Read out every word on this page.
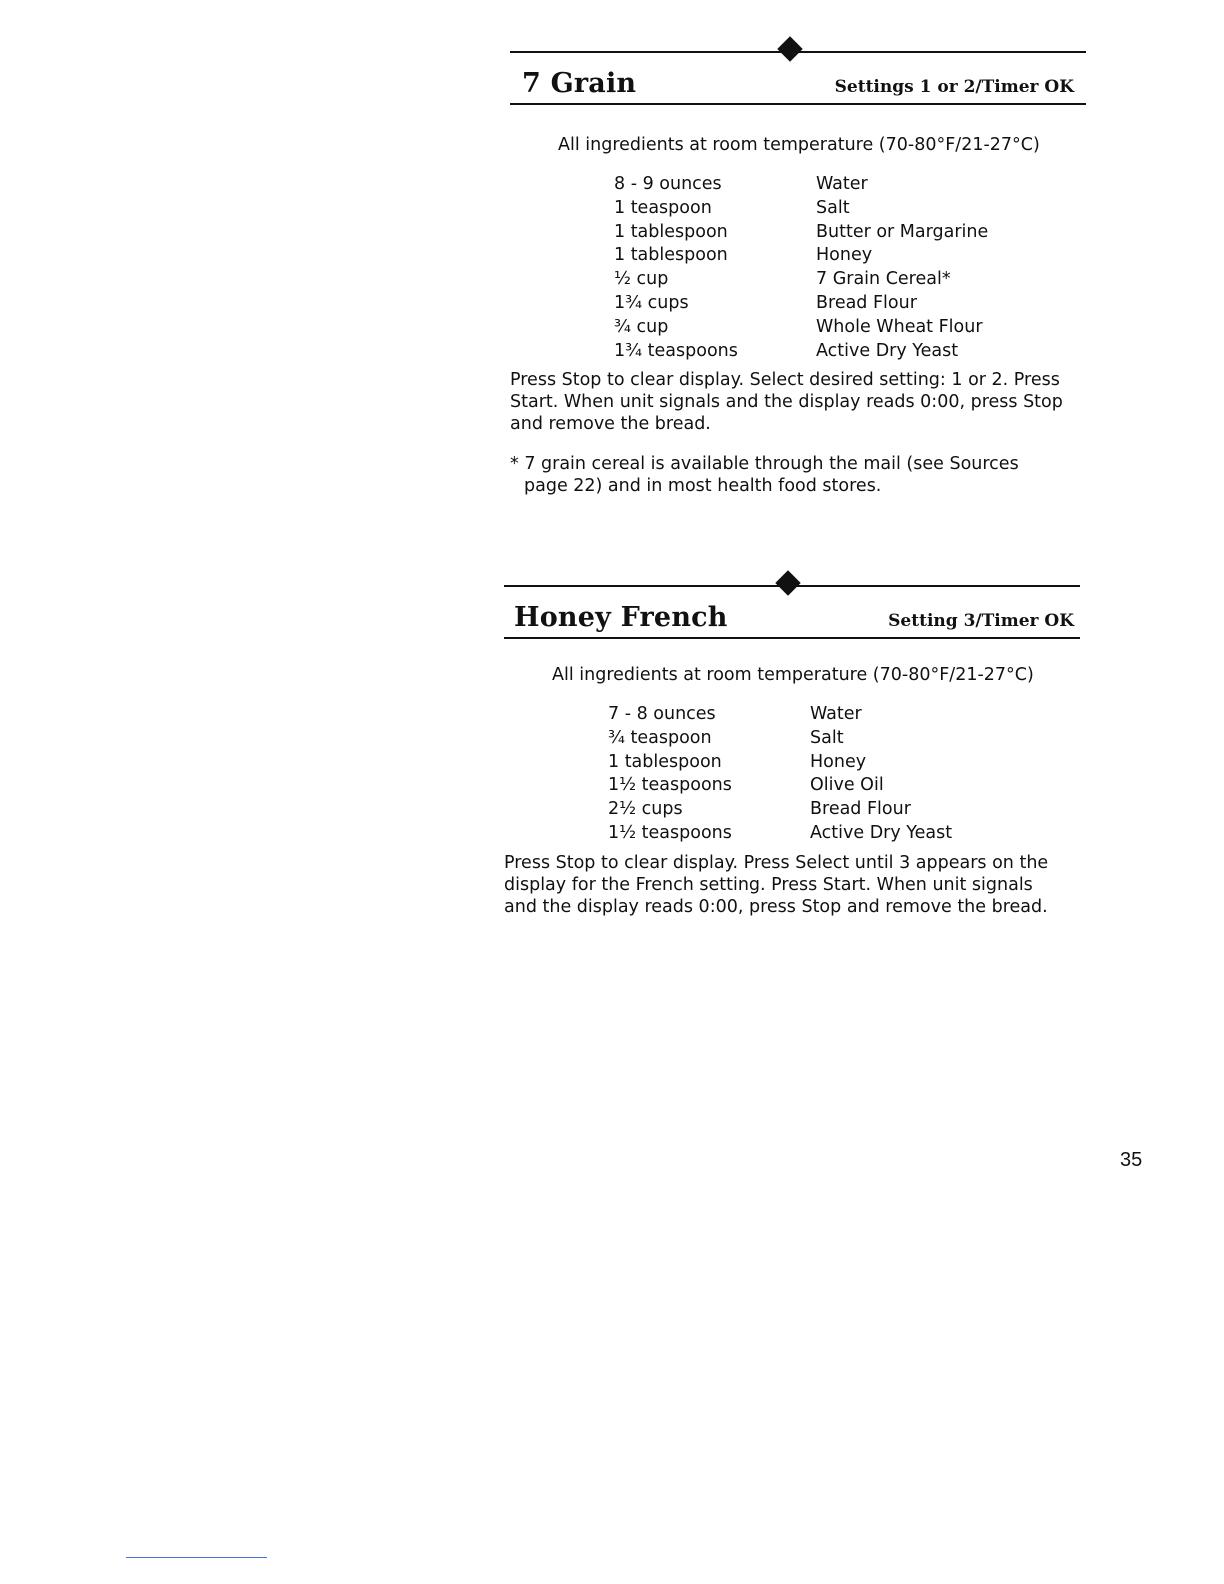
7 Grain	Settings 1 or 2/Timer OK
All ingredients at room temperature (70-80°F/21-27°C)
8 - 9 ounces	Water
1 teaspoon	Salt
1 tablespoon	Butter or Margarine
1 tablespoon	Honey
½ cup	7 Grain Cereal*
1¾ cups	Bread Flour
¾ cup	Whole Wheat Flour
1¾ teaspoons	Active Dry Yeast

Press Stop to clear display. Select desired setting: 1 or 2. Press Start. When unit signals and the display reads 0:00, press Stop and remove the bread.

* 7 grain cereal is available through the mail (see Sources page 22) and in most health food stores.

Honey French	Setting 3/Timer OK
All ingredients at room temperature (70-80°F/21-27°C)
7 - 8 ounces	Water
¾ teaspoon	Salt
1 tablespoon	Honey
1½ teaspoons	Olive Oil
2½ cups	Bread Flour
1½ teaspoons	Active Dry Yeast

Press Stop to clear display. Press Select until 3 appears on the display for the French setting. Press Start. When unit signals and the display reads 0:00, press Stop and remove the bread.

35
